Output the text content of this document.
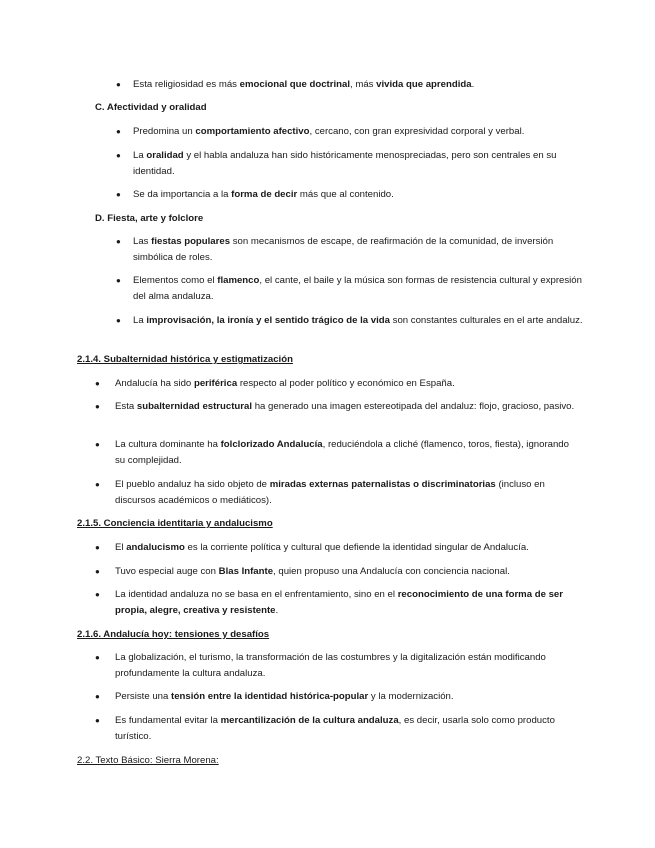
● Esta religiosidad es más emocional que doctrinal, más vivida que aprendida.
C. Afectividad y oralidad
● Predomina un comportamiento afectivo, cercano, con gran expresividad corporal y verbal.
● La oralidad y el habla andaluza han sido históricamente menospreciadas, pero son centrales en su identidad.
● Se da importancia a la forma de decir más que al contenido.
D. Fiesta, arte y folclore
● Las fiestas populares son mecanismos de escape, de reafirmación de la comunidad, de inversión simbólica de roles.
● Elementos como el flamenco, el cante, el baile y la música son formas de resistencia cultural y expresión del alma andaluza.
● La improvisación, la ironía y el sentido trágico de la vida son constantes culturales en el arte andaluz.
2.1.4. Subalternidad histórica y estigmatización
● Andalucía ha sido periférica respecto al poder político y económico en España.
● Esta subalternidad estructural ha generado una imagen estereotipada del andaluz: flojo, gracioso, pasivo.
● La cultura dominante ha folclorizado Andalucía, reduciéndola a cliché (flamenco, toros, fiesta), ignorando su complejidad.
● El pueblo andaluz ha sido objeto de miradas externas paternalistas o discriminatorias (incluso en discursos académicos o mediáticos).
2.1.5. Conciencia identitaria y andalucismo
● El andalucismo es la corriente política y cultural que defiende la identidad singular de Andalucía.
● Tuvo especial auge con Blas Infante, quien propuso una Andalucía con conciencia nacional.
● La identidad andaluza no se basa en el enfrentamiento, sino en el reconocimiento de una forma de ser propia, alegre, creativa y resistente.
2.1.6. Andalucía hoy: tensiones y desafíos
● La globalización, el turismo, la transformación de las costumbres y la digitalización están modificando profundamente la cultura andaluza.
● Persiste una tensión entre la identidad histórica-popular y la modernización.
● Es fundamental evitar la mercantilización de la cultura andaluza, es decir, usarla solo como producto turístico.
2.2. Texto Básico: Sierra Morena:
